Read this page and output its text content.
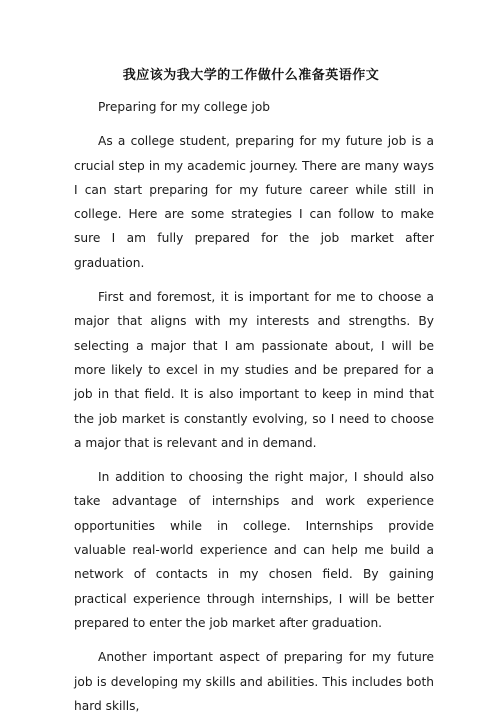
我应该为我大学的工作做什么准备英语作文

Preparing for my college job

As a college student, preparing for my future job is a crucial step in my academic journey. There are many ways I can start preparing for my future career while still in college. Here are some strategies I can follow to make sure I am fully prepared for the job market after graduation.

First and foremost, it is important for me to choose a major that aligns with my interests and strengths. By selecting a major that I am passionate about, I will be more likely to excel in my studies and be prepared for a job in that field. It is also important to keep in mind that the job market is constantly evolving, so I need to choose a major that is relevant and in demand.

In addition to choosing the right major, I should also take advantage of internships and work experience opportunities while in college. Internships provide valuable real-world experience and can help me build a network of contacts in my chosen field. By gaining practical experience through internships, I will be better prepared to enter the job market after graduation.

Another important aspect of preparing for my future job is developing my skills and abilities. This includes both hard skills,
